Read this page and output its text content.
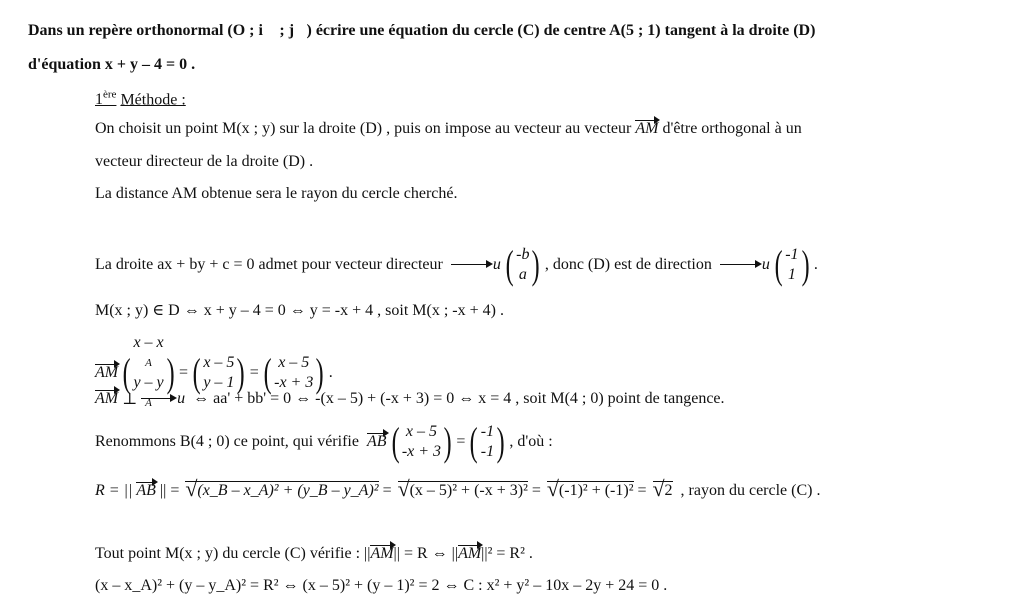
Dans un repère orthonormal (O ; i⃗ ; j⃗) écrire une équation du cercle (C) de centre A(5 ; 1) tangent à la droite (D)
d'équation x + y – 4 = 0 .
1ère Méthode :
On choisit un point M(x ; y) sur la droite (D) , puis on impose au vecteur au vecteur AM d'être orthogonal à un
vecteur directeur de la droite (D) .
La distance AM obtenue sera le rayon du cercle cherché.
La droite ax + by + c = 0 admet pour vecteur directeur
	u ( -b
a ) , donc (D) est de direction
	u ( -1
1 ) .
M(x ; y) ∈ D ⇔ x + y – 4 = 0 ⇔ y = -x + 4 , soit M(x ; -x + 4) .
AM (
x – x
A
y – y
A
) = ( x – 5
y – 1 ) = ( x – 5
-x + 3 ) .
AM
⊥
	u
⇔ aa' + bb' = 0 ⇔ -(x – 5) + (-x + 3) = 0 ⇔ x = 4 , soit M(4 ; 0) point de tangence.
Renommons B(4 ; 0) ce point, qui vérifie
AB ( x – 5
-x + 3 ) = ( -1
-1 ) , d'où :
R = || AB || = √ (x_B – x_A)² + (y_B – y_A)² = √ (x – 5)² + (-x + 3)² = √ (-1)² + (-1)² = √ 2 , rayon du cercle (C) .
Tout point M(x ; y) du cercle (C) vérifie : ||AM|| = R ⇔ ||AM||² = R² .
(x – x_A)² + (y – y_A)² = R² ⇔ (x – 5)² + (y – 1)² = 2 ⇔ C : x² + y² – 10x – 2y + 24 = 0 .
